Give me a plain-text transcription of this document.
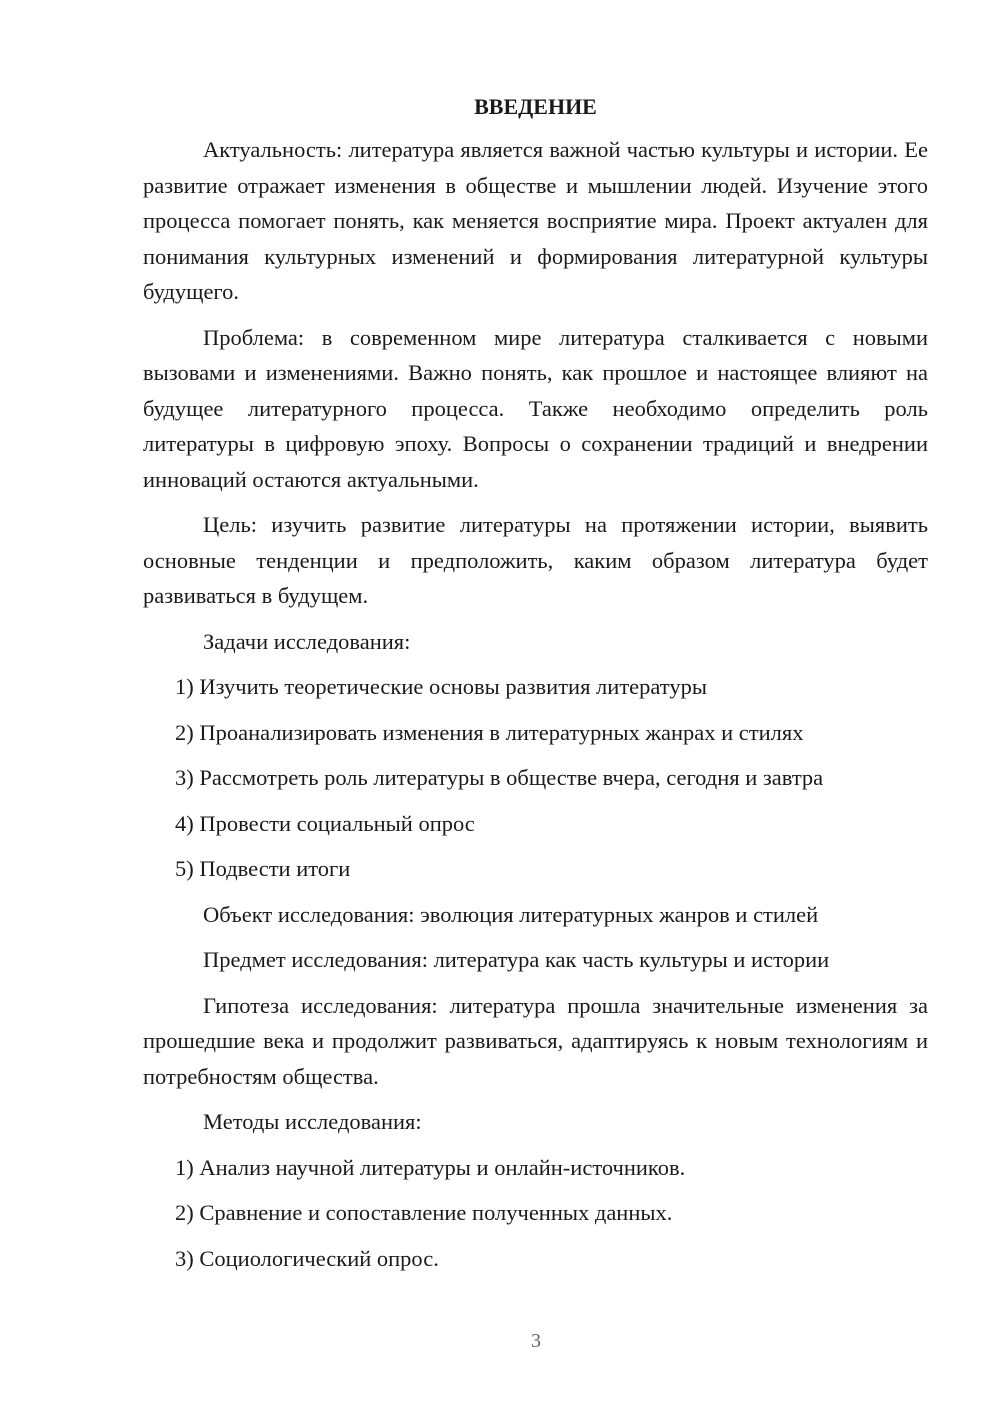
ВВЕДЕНИЕ

Актуальность: литература является важной частью культуры и истории. Ее развитие отражает изменения в обществе и мышлении людей. Изучение этого процесса помогает понять, как меняется восприятие мира. Проект актуален для понимания культурных изменений и формирования литературной культуры будущего.

Проблема: в современном мире литература сталкивается с новыми вызовами и изменениями. Важно понять, как прошлое и настоящее влияют на будущее литературного процесса. Также необходимо определить роль литературы в цифровую эпоху. Вопросы о сохранении традиций и внедрении инноваций остаются актуальными.

Цель: изучить развитие литературы на протяжении истории, выявить основные тенденции и предположить, каким образом литература будет развиваться в будущем.

Задачи исследования:
1) Изучить теоретические основы развития литературы
2) Проанализировать изменения в литературных жанрах и стилях
3) Рассмотреть роль литературы в обществе вчера, сегодня и завтра
4) Провести социальный опрос
5) Подвести итоги
Объект исследования: эволюция литературных жанров и стилей
Предмет исследования: литература как часть культуры и истории

Гипотеза исследования: литература прошла значительные изменения за прошедшие века и продолжит развиваться, адаптируясь к новым технологиям и потребностям общества.

Методы исследования:
1) Анализ научной литературы и онлайн-источников.
2) Сравнение и сопоставление полученных данных.
3) Социологический опрос.
3
